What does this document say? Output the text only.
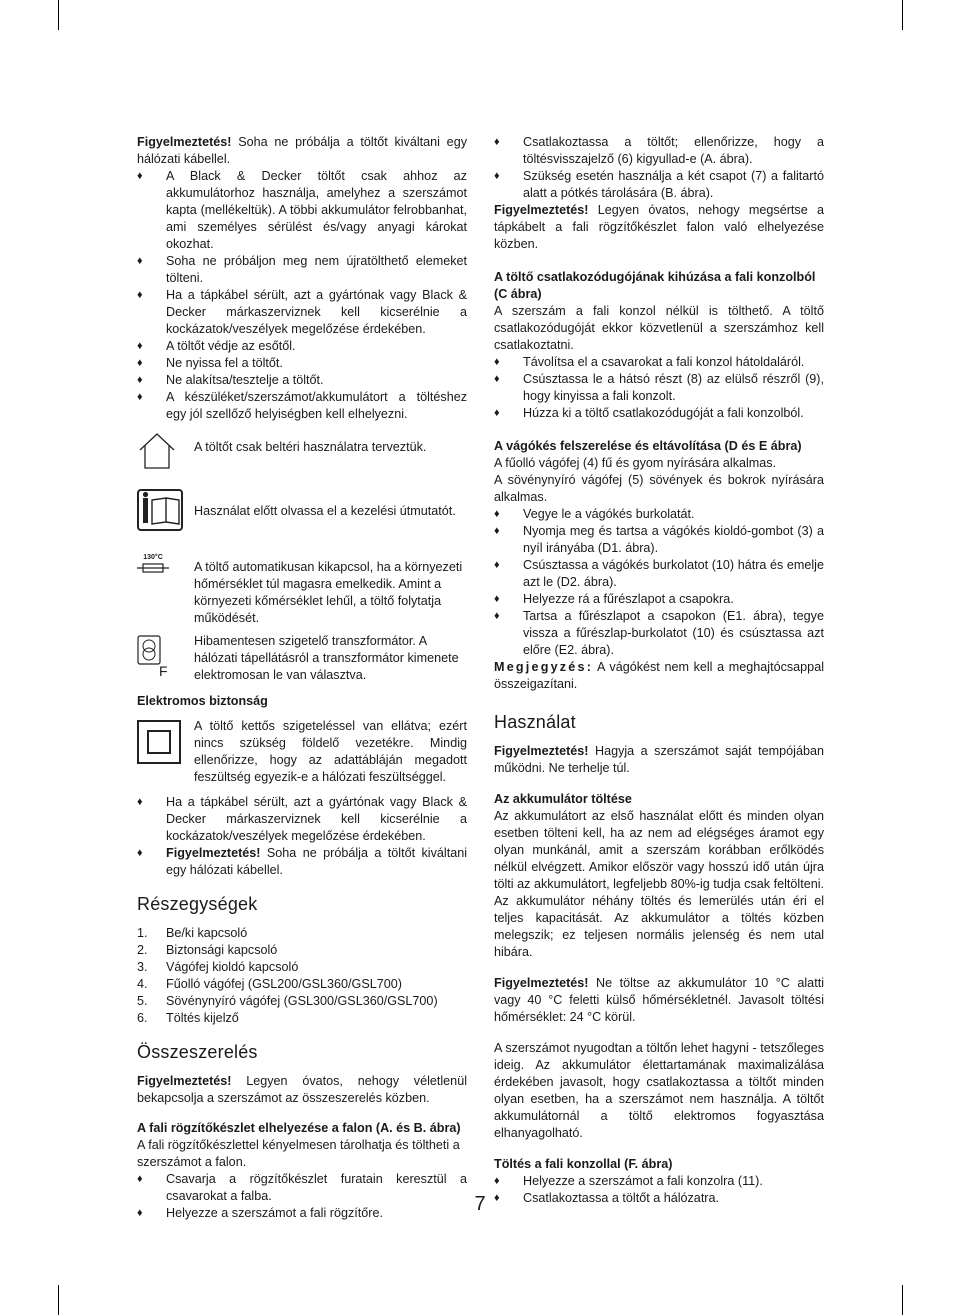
Figyelmeztetés! Soha ne próbálja a töltőt kiváltani egy hálózati kábellel.

♦ A Black & Decker töltőt csak ahhoz az akkumulátorhoz használja, amelyhez a szerszámot kapta (mellékeltük). A többi akkumulátor felrobbanhat, ami személyes sérülést és/vagy anyagi károkat okozhat.
♦ Soha ne próbáljon meg nem újratölthető elemeket tölteni.
♦ Ha a tápkábel sérült, azt a gyártónak vagy Black & Decker márkaszerviznek kell kicserélnie a kockázatok/veszélyek megelőzése érdekében.
♦ A töltőt védje az esőtől.
♦ Ne nyissa fel a töltőt.
♦ Ne alakítsa/tesztelje a töltőt.
♦ A készüléket/szerszámot/akkumulátort a töltéshez egy jól szellőző helyiségben kell elhelyezni.

A töltőt csak beltéri használatra terveztük.

Használat előtt olvassa el a kezelési útmutatót.

130°C

A töltő automatikusan kikapcsol, ha a környezeti hőmérséklet túl magasra emelkedik. Amint a környezeti kőmérséklet lehűl, a töltő folytatja működését.

F

Hibamentesen szigetelő transzformátor. A hálózati tápellátásról a transzformátor kimenete elektromosan le van választva.

Elektromos biztonság

A töltő kettős szigeteléssel van ellátva; ezért nincs szükség földelő vezetékre. Mindig ellenőrizze, hogy az adattábláján megadott feszültség egyezik-e a hálózati feszültséggel.

♦ Ha a tápkábel sérült, azt a gyártónak vagy Black & Decker márkaszerviznek kell kicserélnie a kockázatok/veszélyek megelőzése érdekében.
♦ Figyelmeztetés! Soha ne próbálja a töltőt kiváltani egy hálózati kábellel.
Részegységek
1. Be/ki kapcsoló
2. Biztonsági kapcsoló
3. Vágófej kioldó kapcsoló
4. Fűolló vágófej (GSL200/GSL360/GSL700)
5. Sövénynyíró vágófej (GSL300/GSL360/GSL700)
6. Töltés kijelző
Összeszerelés

Figyelmeztetés! Legyen óvatos, nehogy véletlenül bekapcsolja a szerszámot az összeszerelés közben.

A fali rögzítőkészlet elhelyezése a falon (A. és B. ábra)

A fali rögzítőkészlettel kényelmesen tárolhatja és töltheti a szerszámot a falon.

♦ Csavarja a rögzítőkészlet furatain keresztül a csavarokat a falba.
♦ Helyezze a szerszámot a fali rögzítőre.
♦ Csatlakoztassa a töltőt; ellenőrizze, hogy a töltésvisszajelző (6) kigyullad-e (A. ábra).
♦ Szükség esetén használja a két csapot (7) a falitartó alatt a pótkés tárolására (B. ábra).

Figyelmeztetés! Legyen óvatos, nehogy megsértse a tápkábelt a fali rögzítőkészlet falon való elhelyezése közben.

A töltő csatlakozódugójának kihúzása a fali konzolból (C ábra)

A szerszám a fali konzol nélkül is tölthető. A töltő csatlakozódugóját ekkor közvetlenül a szerszámhoz kell csatlakoztatni.

♦ Távolítsa el a csavarokat a fali konzol hátoldaláról.
♦ Csúsztassa le a hátsó részt (8) az elülső részről (9), hogy kinyissa a fali konzolt.
♦ Húzza ki a töltő csatlakozódugóját a fali konzolból.
A vágókés felszerelése és eltávolítása (D és E ábra)

A fűolló vágófej (4) fű és gyom nyírására alkalmas.

A sövénynyíró vágófej (5) sövények és bokrok nyírására alkalmas.

♦ Vegye le a vágókés burkolatát.
♦ Nyomja meg és tartsa a vágókés kioldó-gombot (3) a nyíl irányába (D1. ábra).
♦ Csúsztassa a vágókés burkolatot (10) hátra és emelje azt le (D2. ábra).
♦ Helyezze rá a fűrészlapot a csapokra.
♦ Tartsa a fűrészlapot a csapokon (E1. ábra), tegye vissza a fűrészlap-burkolatot (10) és csúsztassa azt előre (E2. ábra).

Megjegyzés: A vágókést nem kell a meghajtócsappal összeigazítani.

Használat

Figyelmeztetés! Hagyja a szerszámot saját tempójában működni. Ne terhelje túl.

Az akkumulátor töltése

Az akkumulátort az első használat előtt és minden olyan esetben tölteni kell, ha az nem ad elégséges áramot egy olyan munkánál, amit a szerszám korábban erőlködés nélkül elvégzett. Amikor először vagy hosszú idő után újra tölti az akkumulátort, legfeljebb 80%-ig tudja csak feltölteni. Az akkumulátor néhány töltés és lemerülés után éri el teljes kapacitását. Az akkumulátor a töltés közben melegszik; ez teljesen normális jelenség és nem utal hibára.

Figyelmeztetés! Ne töltse az akkumulátor 10 °C alatti vagy 40 °C feletti külső hőmérsékletnél. Javasolt töltési hőmérséklet: 24 °C körül.

A szerszámot nyugodtan a töltőn lehet hagyni - tetszőleges ideig. Az akkumulátor élettartamának maximalizálása érdekében javasolt, hogy csatlakoztassa a töltőt minden olyan esetben, ha a szerszámot nem használja. A töltőt akkumulátornál a töltő elektromos fogyasztása elhanyagolható.

Töltés a fali konzollal (F. ábra)
♦ Helyezze a szerszámot a fali konzolra (11).
♦ Csatlakoztassa a töltőt a hálózatra.
7
